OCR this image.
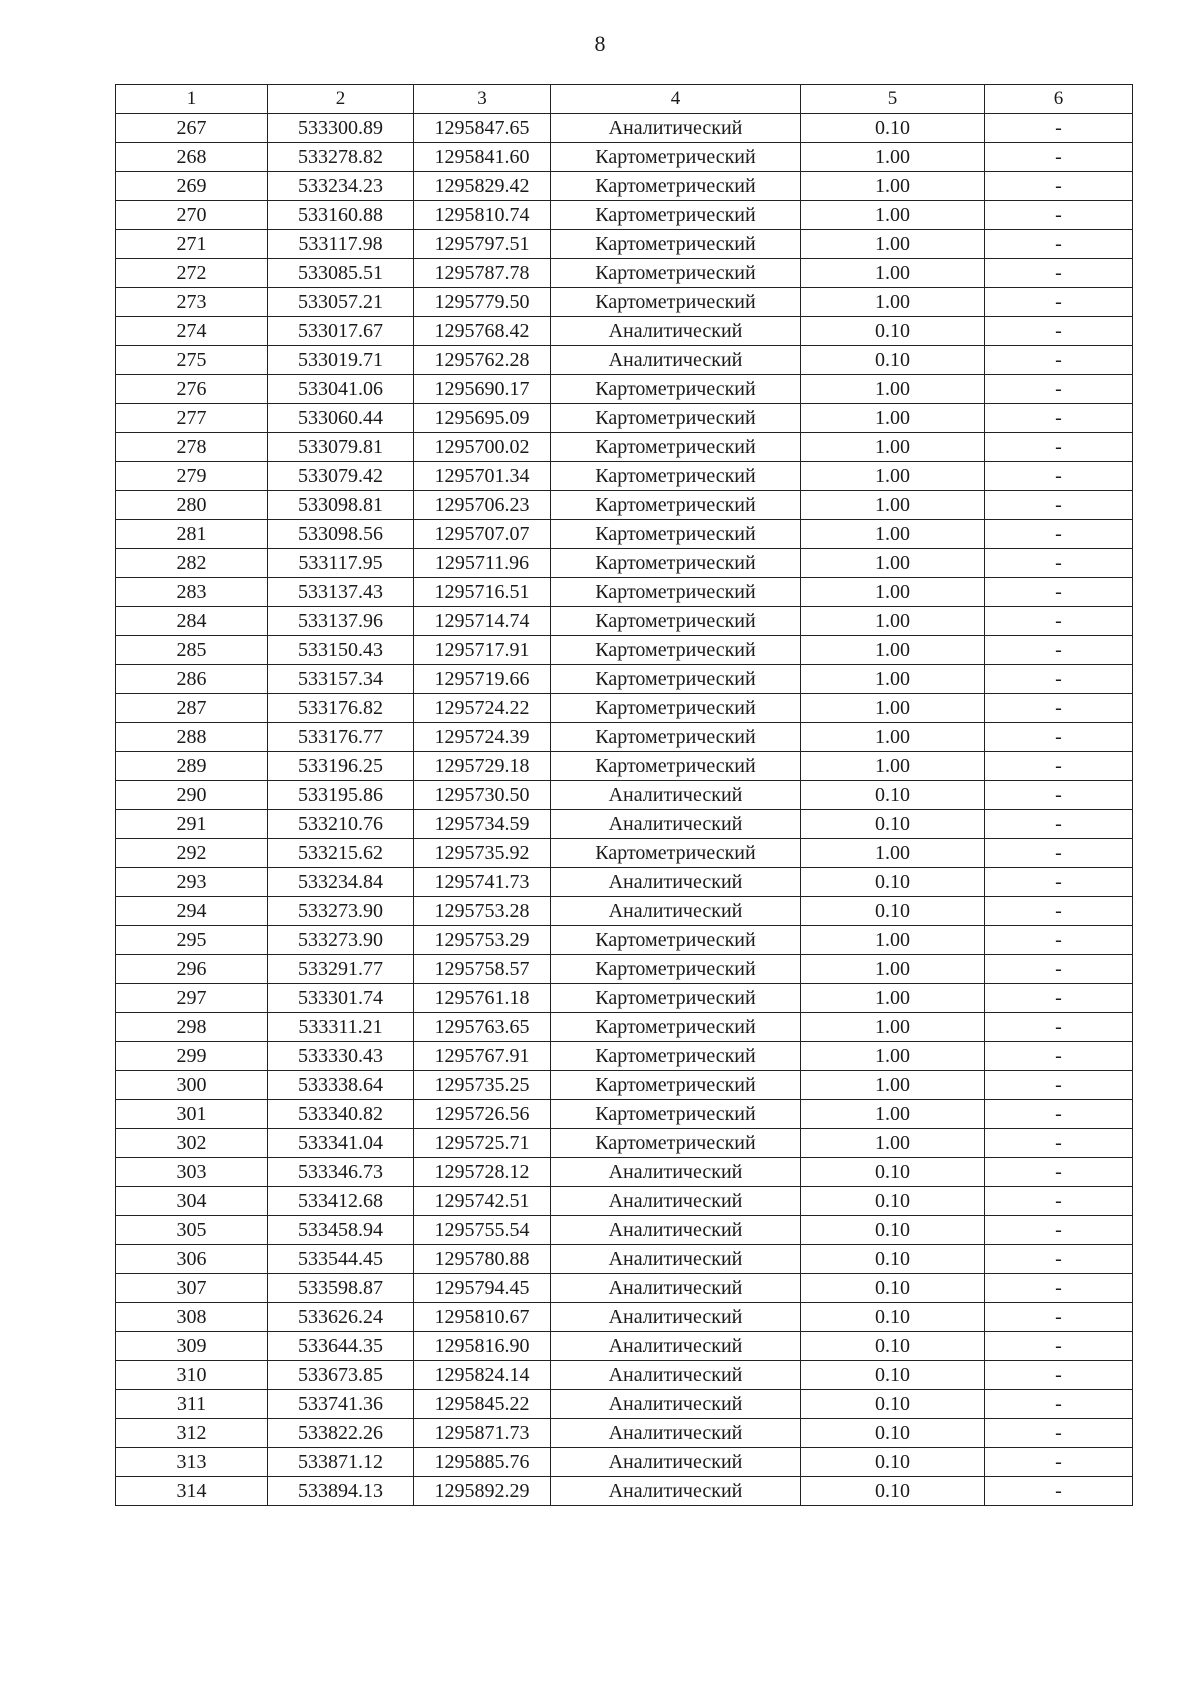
8
1	2	3	4	5	6
267	533300.89	1295847.65	Аналитический	0.10	-
268	533278.82	1295841.60	Картометрический	1.00	-
269	533234.23	1295829.42	Картометрический	1.00	-
270	533160.88	1295810.74	Картометрический	1.00	-
271	533117.98	1295797.51	Картометрический	1.00	-
272	533085.51	1295787.78	Картометрический	1.00	-
273	533057.21	1295779.50	Картометрический	1.00	-
274	533017.67	1295768.42	Аналитический	0.10	-
275	533019.71	1295762.28	Аналитический	0.10	-
276	533041.06	1295690.17	Картометрический	1.00	-
277	533060.44	1295695.09	Картометрический	1.00	-
278	533079.81	1295700.02	Картометрический	1.00	-
279	533079.42	1295701.34	Картометрический	1.00	-
280	533098.81	1295706.23	Картометрический	1.00	-
281	533098.56	1295707.07	Картометрический	1.00	-
282	533117.95	1295711.96	Картометрический	1.00	-
283	533137.43	1295716.51	Картометрический	1.00	-
284	533137.96	1295714.74	Картометрический	1.00	-
285	533150.43	1295717.91	Картометрический	1.00	-
286	533157.34	1295719.66	Картометрический	1.00	-
287	533176.82	1295724.22	Картометрический	1.00	-
288	533176.77	1295724.39	Картометрический	1.00	-
289	533196.25	1295729.18	Картометрический	1.00	-
290	533195.86	1295730.50	Аналитический	0.10	-
291	533210.76	1295734.59	Аналитический	0.10	-
292	533215.62	1295735.92	Картометрический	1.00	-
293	533234.84	1295741.73	Аналитический	0.10	-
294	533273.90	1295753.28	Аналитический	0.10	-
295	533273.90	1295753.29	Картометрический	1.00	-
296	533291.77	1295758.57	Картометрический	1.00	-
297	533301.74	1295761.18	Картометрический	1.00	-
298	533311.21	1295763.65	Картометрический	1.00	-
299	533330.43	1295767.91	Картометрический	1.00	-
300	533338.64	1295735.25	Картометрический	1.00	-
301	533340.82	1295726.56	Картометрический	1.00	-
302	533341.04	1295725.71	Картометрический	1.00	-
303	533346.73	1295728.12	Аналитический	0.10	-
304	533412.68	1295742.51	Аналитический	0.10	-
305	533458.94	1295755.54	Аналитический	0.10	-
306	533544.45	1295780.88	Аналитический	0.10	-
307	533598.87	1295794.45	Аналитический	0.10	-
308	533626.24	1295810.67	Аналитический	0.10	-
309	533644.35	1295816.90	Аналитический	0.10	-
310	533673.85	1295824.14	Аналитический	0.10	-
311	533741.36	1295845.22	Аналитический	0.10	-
312	533822.26	1295871.73	Аналитический	0.10	-
313	533871.12	1295885.76	Аналитический	0.10	-
314	533894.13	1295892.29	Аналитический	0.10	-
